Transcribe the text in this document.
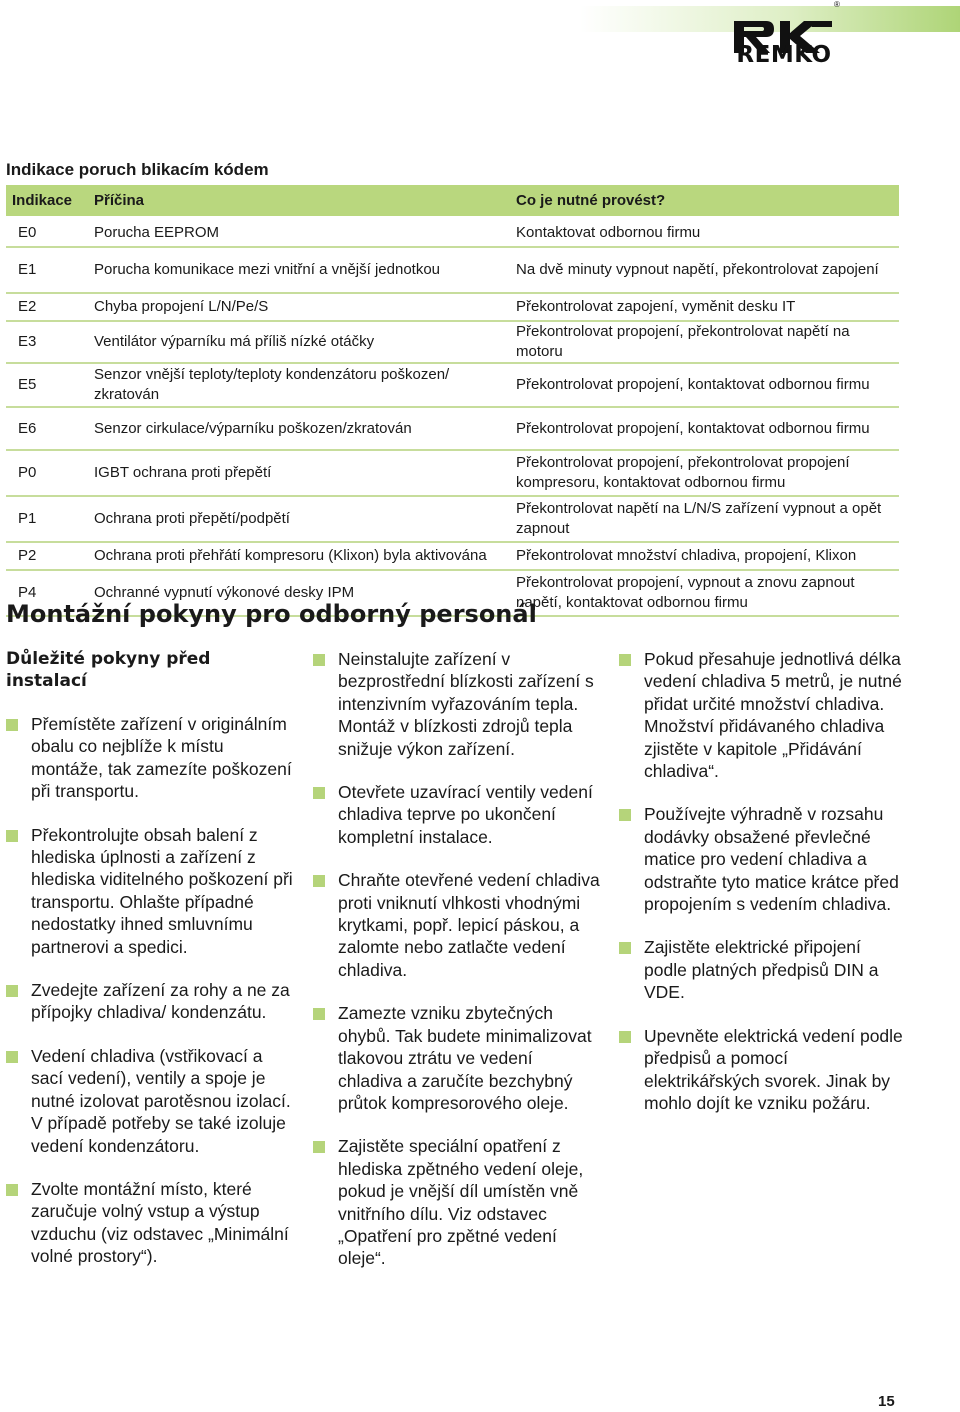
REMKO
®
Indikace poruch blikacím kódem
Indikace	Příčina	Co je nutné provést?
E0	Porucha EEPROM	Kontaktovat odbornou firmu
E1	Porucha komunikace mezi vnitřní a vnější jednotkou	Na dvě minuty vypnout napětí, překontrolovat zapojení
E2	Chyba propojení L/N/Pe/S	Překontrolovat zapojení, vyměnit desku IT
E3	Ventilátor výparníku má příliš nízké otáčky	Překontrolovat propojení, překontrolovat napětí na motoru
E5	Senzor vnější teploty/teploty kondenzátoru poškozen/ zkratován	Překontrolovat propojení, kontaktovat odbornou firmu
E6	Senzor cirkulace/výparníku poškozen/zkratován	Překontrolovat propojení, kontaktovat odbornou firmu
P0	IGBT ochrana proti přepětí	Překontrolovat propojení, překontrolovat propojení kompresoru, kontaktovat odbornou firmu
P1	Ochrana proti přepětí/podpětí	Překontrolovat napětí na L/N/S zařízení vypnout a opět zapnout
P2	Ochrana proti přehřátí kompresoru (Klixon) byla aktivována	Překontrolovat množství chladiva, propojení, Klixon
P4	Ochranné vypnutí výkonové desky IPM	Překontrolovat propojení, vypnout a znovu zapnout napětí, kontaktovat odbornou firmu
Montážní pokyny pro odborný personál
Důležité pokyny před instalací
Přemístěte zařízení v originálním obalu co nejblíže k místu montáže, tak zamezíte poškození při transportu.
Překontrolujte obsah balení z hlediska úplnosti a zařízení z hlediska viditelného poškození při transportu. Ohlašte případné nedostatky ihned smluvnímu partnerovi a spedici.
Zvedejte zařízení za rohy a ne za přípojky chladiva/ kondenzátu.
Vedení chladiva (vstřikovací a sací vedení), ventily a spoje je nutné izolovat parotěsnou izolací. V případě potřeby se také izoluje vedení kondenzátoru.
Zvolte montážní místo, které zaručuje volný vstup a výstup vzduchu (viz odstavec „Minimální volné prostory“).
Neinstalujte zařízení v bezprostřední blízkosti zařízení s intenzivním vyřazováním tepla. Montáž v blízkosti zdrojů tepla snižuje výkon zařízení.
Otevřete uzavírací ventily vedení chladiva teprve po ukončení kompletní instalace.
Chraňte otevřené vedení chladiva proti vniknutí vlhkosti vhodnými krytkami, popř. lepicí páskou, a zalomte nebo zatlačte vedení chladiva.
Zamezte vzniku zbytečných ohybů. Tak budete minimalizovat tlakovou ztrátu ve vedení chladiva a zaručíte bezchybný průtok kompresorového oleje.
Zajistěte speciální opatření z hlediska zpětného vedení oleje, pokud je vnější díl umístěn vně vnitřního dílu. Viz odstavec „Opatření pro zpětné vedení oleje“.
Pokud přesahuje jednotlivá délka vedení chladiva 5 metrů, je nutné přidat určité množství chladiva. Množství přidávaného chladiva zjistěte v kapitole „Přidávání chladiva“.
Používejte výhradně v rozsahu dodávky obsažené převlečné matice pro vedení chladiva a odstraňte tyto matice krátce před propojením s vedením chladiva.
Zajistěte elektrické připojení podle platných předpisů DIN a VDE.
Upevněte elektrická vedení podle předpisů a pomocí elektrikářských svorek. Jinak by mohlo dojít ke vzniku požáru.
15
